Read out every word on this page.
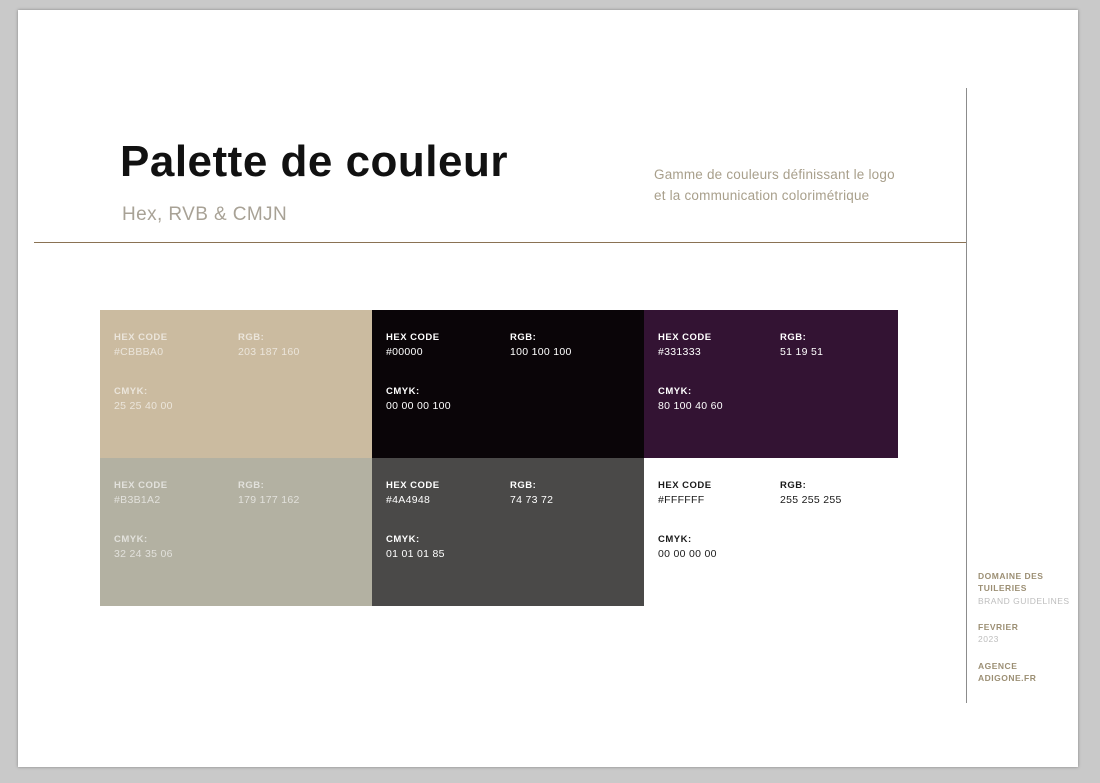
Palette de couleur
Hex, RVB & CMJN
Gamme de couleurs définissant le logo
et la communication colorimétrique
HEX CODE
#CBBBA0
RGB:
203 187 160
CMYK:
25 25 40 00
HEX CODE
#00000
RGB:
100 100 100
CMYK:
00 00 00 100
HEX CODE
#331333
RGB:
51 19 51
CMYK:
80 100 40 60
HEX CODE
#B3B1A2
RGB:
179 177 162
CMYK:
32 24 35 06
HEX CODE
#4A4948
RGB:
74 73 72
CMYK:
01 01 01 85
HEX CODE
#FFFFFF
RGB:
255 255 255
CMYK:
00 00 00 00
DOMAINE DES
TUILERIES
BRAND GUIDELINES
FEVRIER
2023
AGENCE ADIGONE.FR
